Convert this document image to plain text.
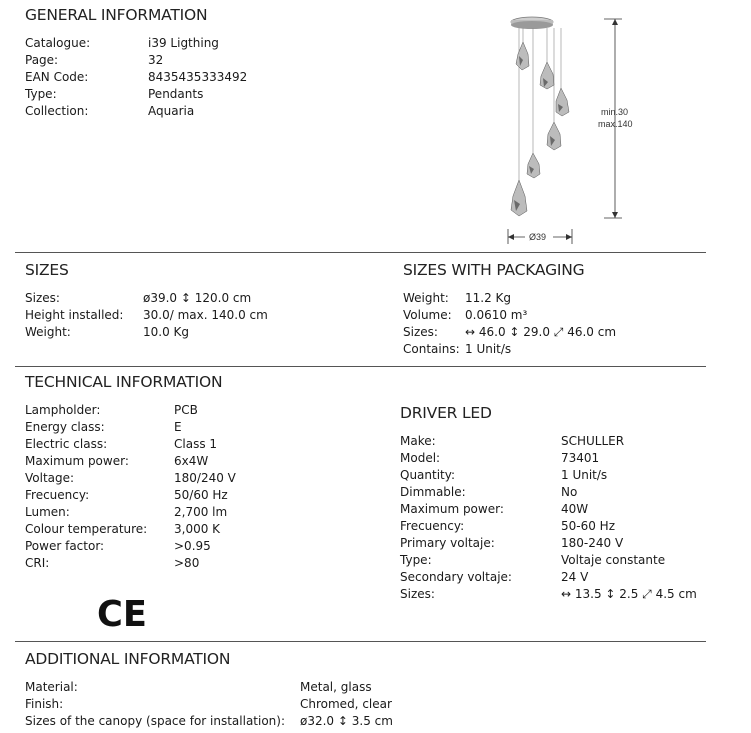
GENERAL INFORMATION
Catalogue:	i39 Ligthing
Page:	32
EAN Code:	8435435333492
Type:	Pendants
Collection:	Aquaria	min.30
max.140
Ø39
SIZES
Sizes:	ø39.0 ↕ 120.0 cm
Height installed: 30.0/ max. 140.0 cm
Weight:	10.0 Kg
SIZES WITH PACKAGING
Weight: 11.2 Kg
Volume: 0.0610 m³
Sizes: ↔ 46.0 ↕ 29.0 ⤢ 46.0 cm
Contains: 1 Unit/s
TECHNICAL INFORMATION
Lampholder:	PCB
Energy class:	E
Electric class:	Class 1
Maximum power:	6x4W
Voltage:	180/240 V
Frecuency:	50/60 Hz
Lumen:	2,700 lm
Colour temperature: 3,000 K
Power factor:	>0.95
CRI:	>80
CE
DRIVER LED
Make:	SCHULLER
Model:	73401
Quantity:	1 Unit/s
Dimmable:	No
Maximum power:	40W
Frecuency:	50-60 Hz
Primary voltaje:	180-240 V
Type:	Voltaje constante
Secondary voltaje:	24 V
Sizes:	↔ 13.5 ↕ 2.5 ⤢ 4.5 cm
ADDITIONAL INFORMATION
Material:	Metal, glass
Finish:	Chromed, clear
Sizes of the canopy (space for installation): ø32.0 ↕ 3.5 cm
